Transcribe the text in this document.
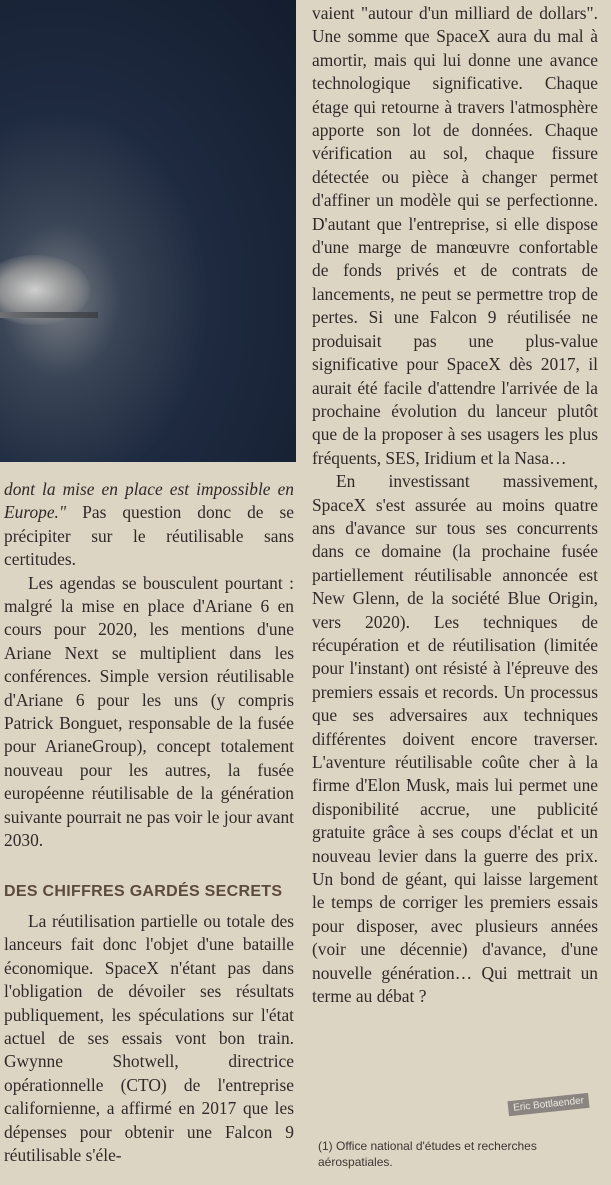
dont la mise en place est impossible en Europe." Pas question donc de se précipiter sur le réutilisable sans certitudes.

Les agendas se bousculent pourtant : malgré la mise en place d'Ariane 6 en cours pour 2020, les mentions d'une Ariane Next se multiplient dans les conférences. Simple version réutilisable d'Ariane 6 pour les uns (y compris Patrick Bonguet, responsable de la fusée pour ArianeGroup), concept totalement nouveau pour les autres, la fusée européenne réutilisable de la génération suivante pourrait ne pas voir le jour avant 2030.

DES CHIFFRES GARDÉS SECRETS

La réutilisation partielle ou totale des lanceurs fait donc l'objet d'une bataille économique. SpaceX n'étant pas dans l'obligation de dévoiler ses résultats publiquement, les spéculations sur l'état actuel de ses essais vont bon train. Gwynne Shotwell, directrice opérationnelle (CTO) de l'entreprise californienne, a affirmé en 2017 que les dépenses pour obtenir une Falcon 9 réutilisable s'éle-

vaient "autour d'un milliard de dollars". Une somme que SpaceX aura du mal à amortir, mais qui lui donne une avance technologique significative. Chaque étage qui retourne à travers l'atmosphère apporte son lot de données. Chaque vérification au sol, chaque fissure détectée ou pièce à changer permet d'affiner un modèle qui se perfectionne. D'autant que l'entreprise, si elle dispose d'une marge de manœuvre confortable de fonds privés et de contrats de lancements, ne peut se permettre trop de pertes. Si une Falcon 9 réutilisée ne produisait pas une plus-value significative pour SpaceX dès 2017, il aurait été facile d'attendre l'arrivée de la prochaine évolution du lanceur plutôt que de la proposer à ses usagers les plus fréquents, SES, Iridium et la Nasa…

En investissant massivement, SpaceX s'est assurée au moins quatre ans d'avance sur tous ses concurrents dans ce domaine (la prochaine fusée partiellement réutilisable annoncée est New Glenn, de la société Blue Origin, vers 2020). Les techniques de récupération et de réutilisation (limitée pour l'instant) ont résisté à l'épreuve des premiers essais et records. Un processus que ses adversaires aux techniques différentes doivent encore traverser. L'aventure réutilisable coûte cher à la firme d'Elon Musk, mais lui permet une disponibilité accrue, une publicité gratuite grâce à ses coups d'éclat et un nouveau levier dans la guerre des prix. Un bond de géant, qui laisse largement le temps de corriger les premiers essais pour disposer, avec plusieurs années (voir une décennie) d'avance, d'une nouvelle génération… Qui mettrait un terme au débat ?

Eric Bottlaender
(1) Office national d'études et recherches aérospatiales.
